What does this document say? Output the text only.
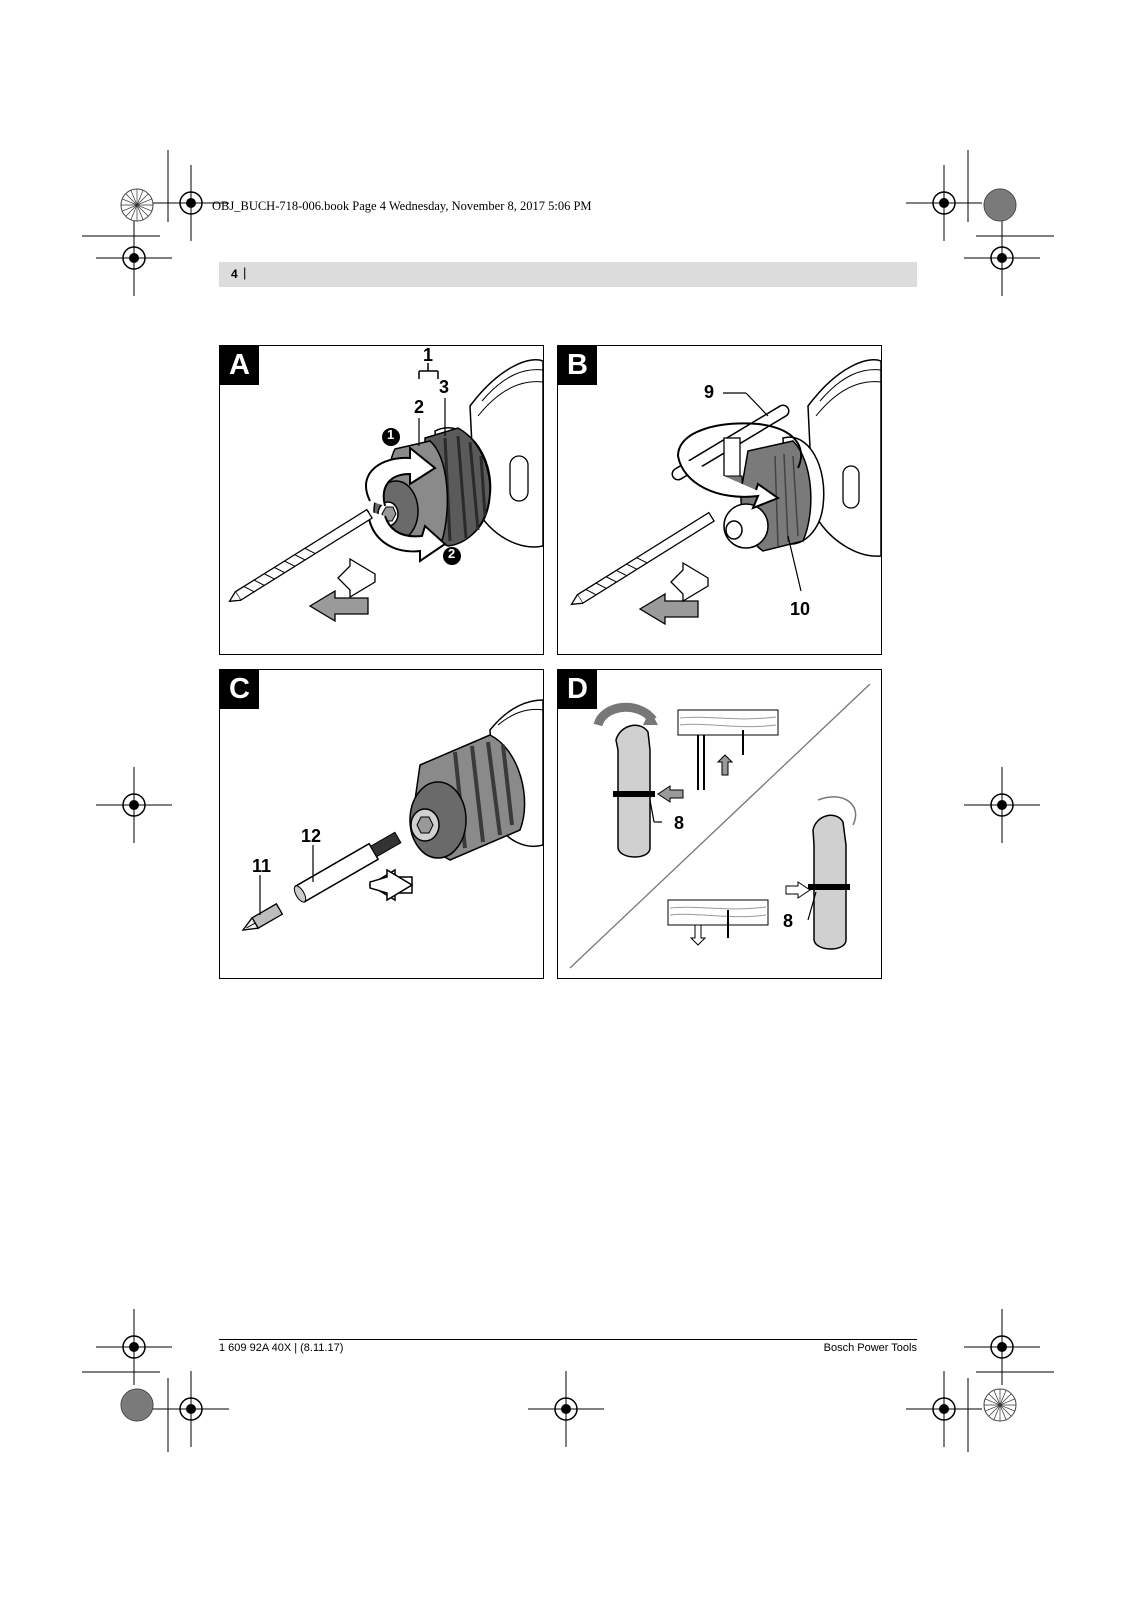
OBJ_BUCH-718-006.book Page 4 Wednesday, November 8, 2017 5:06 PM
4 |
A	1
2
3
1
2
B
9
10
C
12
11
D
8
8
1 609 92A 40X | (8.11.17)	Bosch Power Tools
